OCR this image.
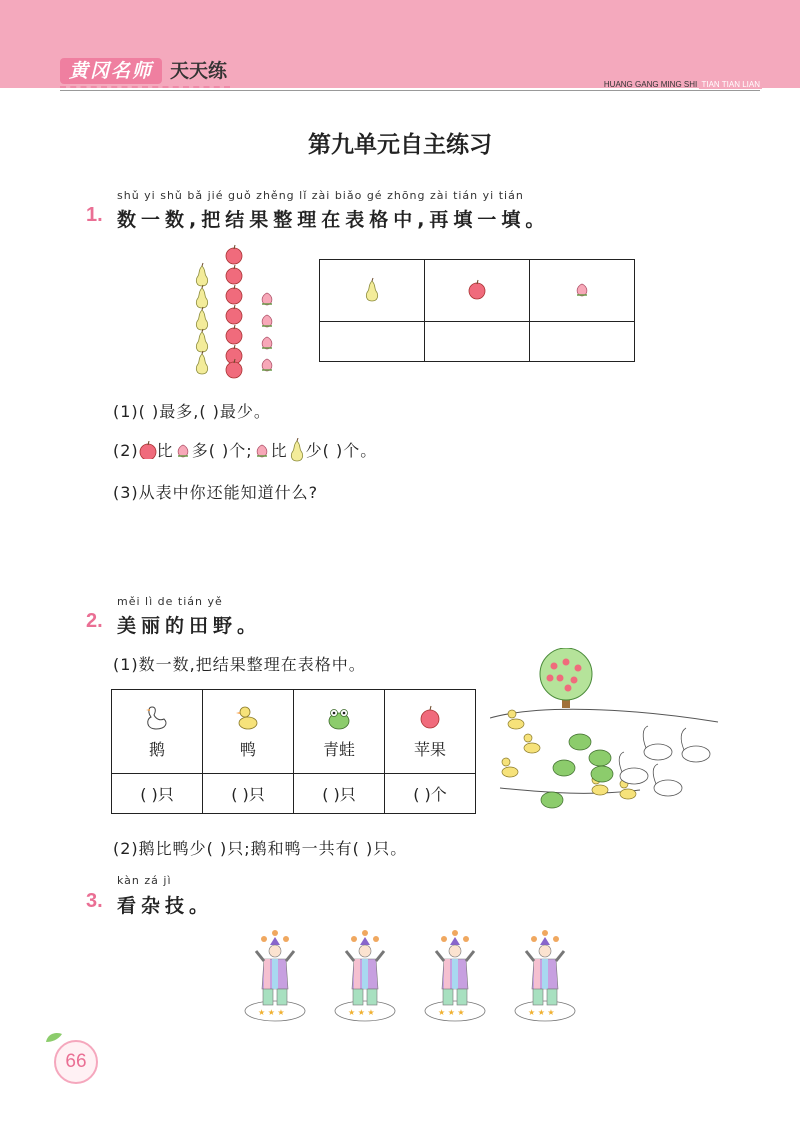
黄冈名师 天天练
HUANG GANG MING SHI TIAN TIAN LIAN
第九单元自主练习
shǔ yi shǔ bǎ jié guǒ zhěng lǐ zài biǎo gé zhōng zài tián yi tián
1. 数一数,把结果整理在表格中,再填一填。

(1)( )最多,( )最少。
(2) 比 多( )个; 比 少( )个。
(3)从表中你还能知道什么?
měi lì de tián yě
2. 美丽的田野。
(1)数一数,把结果整理在表格中。

鹅	鸭	青蛙	苹果
( )只	( )只	( )只	( )个
(2)鹅比鸭少( )只;鹅和鸭一共有( )只。
kàn zá jì
3. 看杂技。
66
